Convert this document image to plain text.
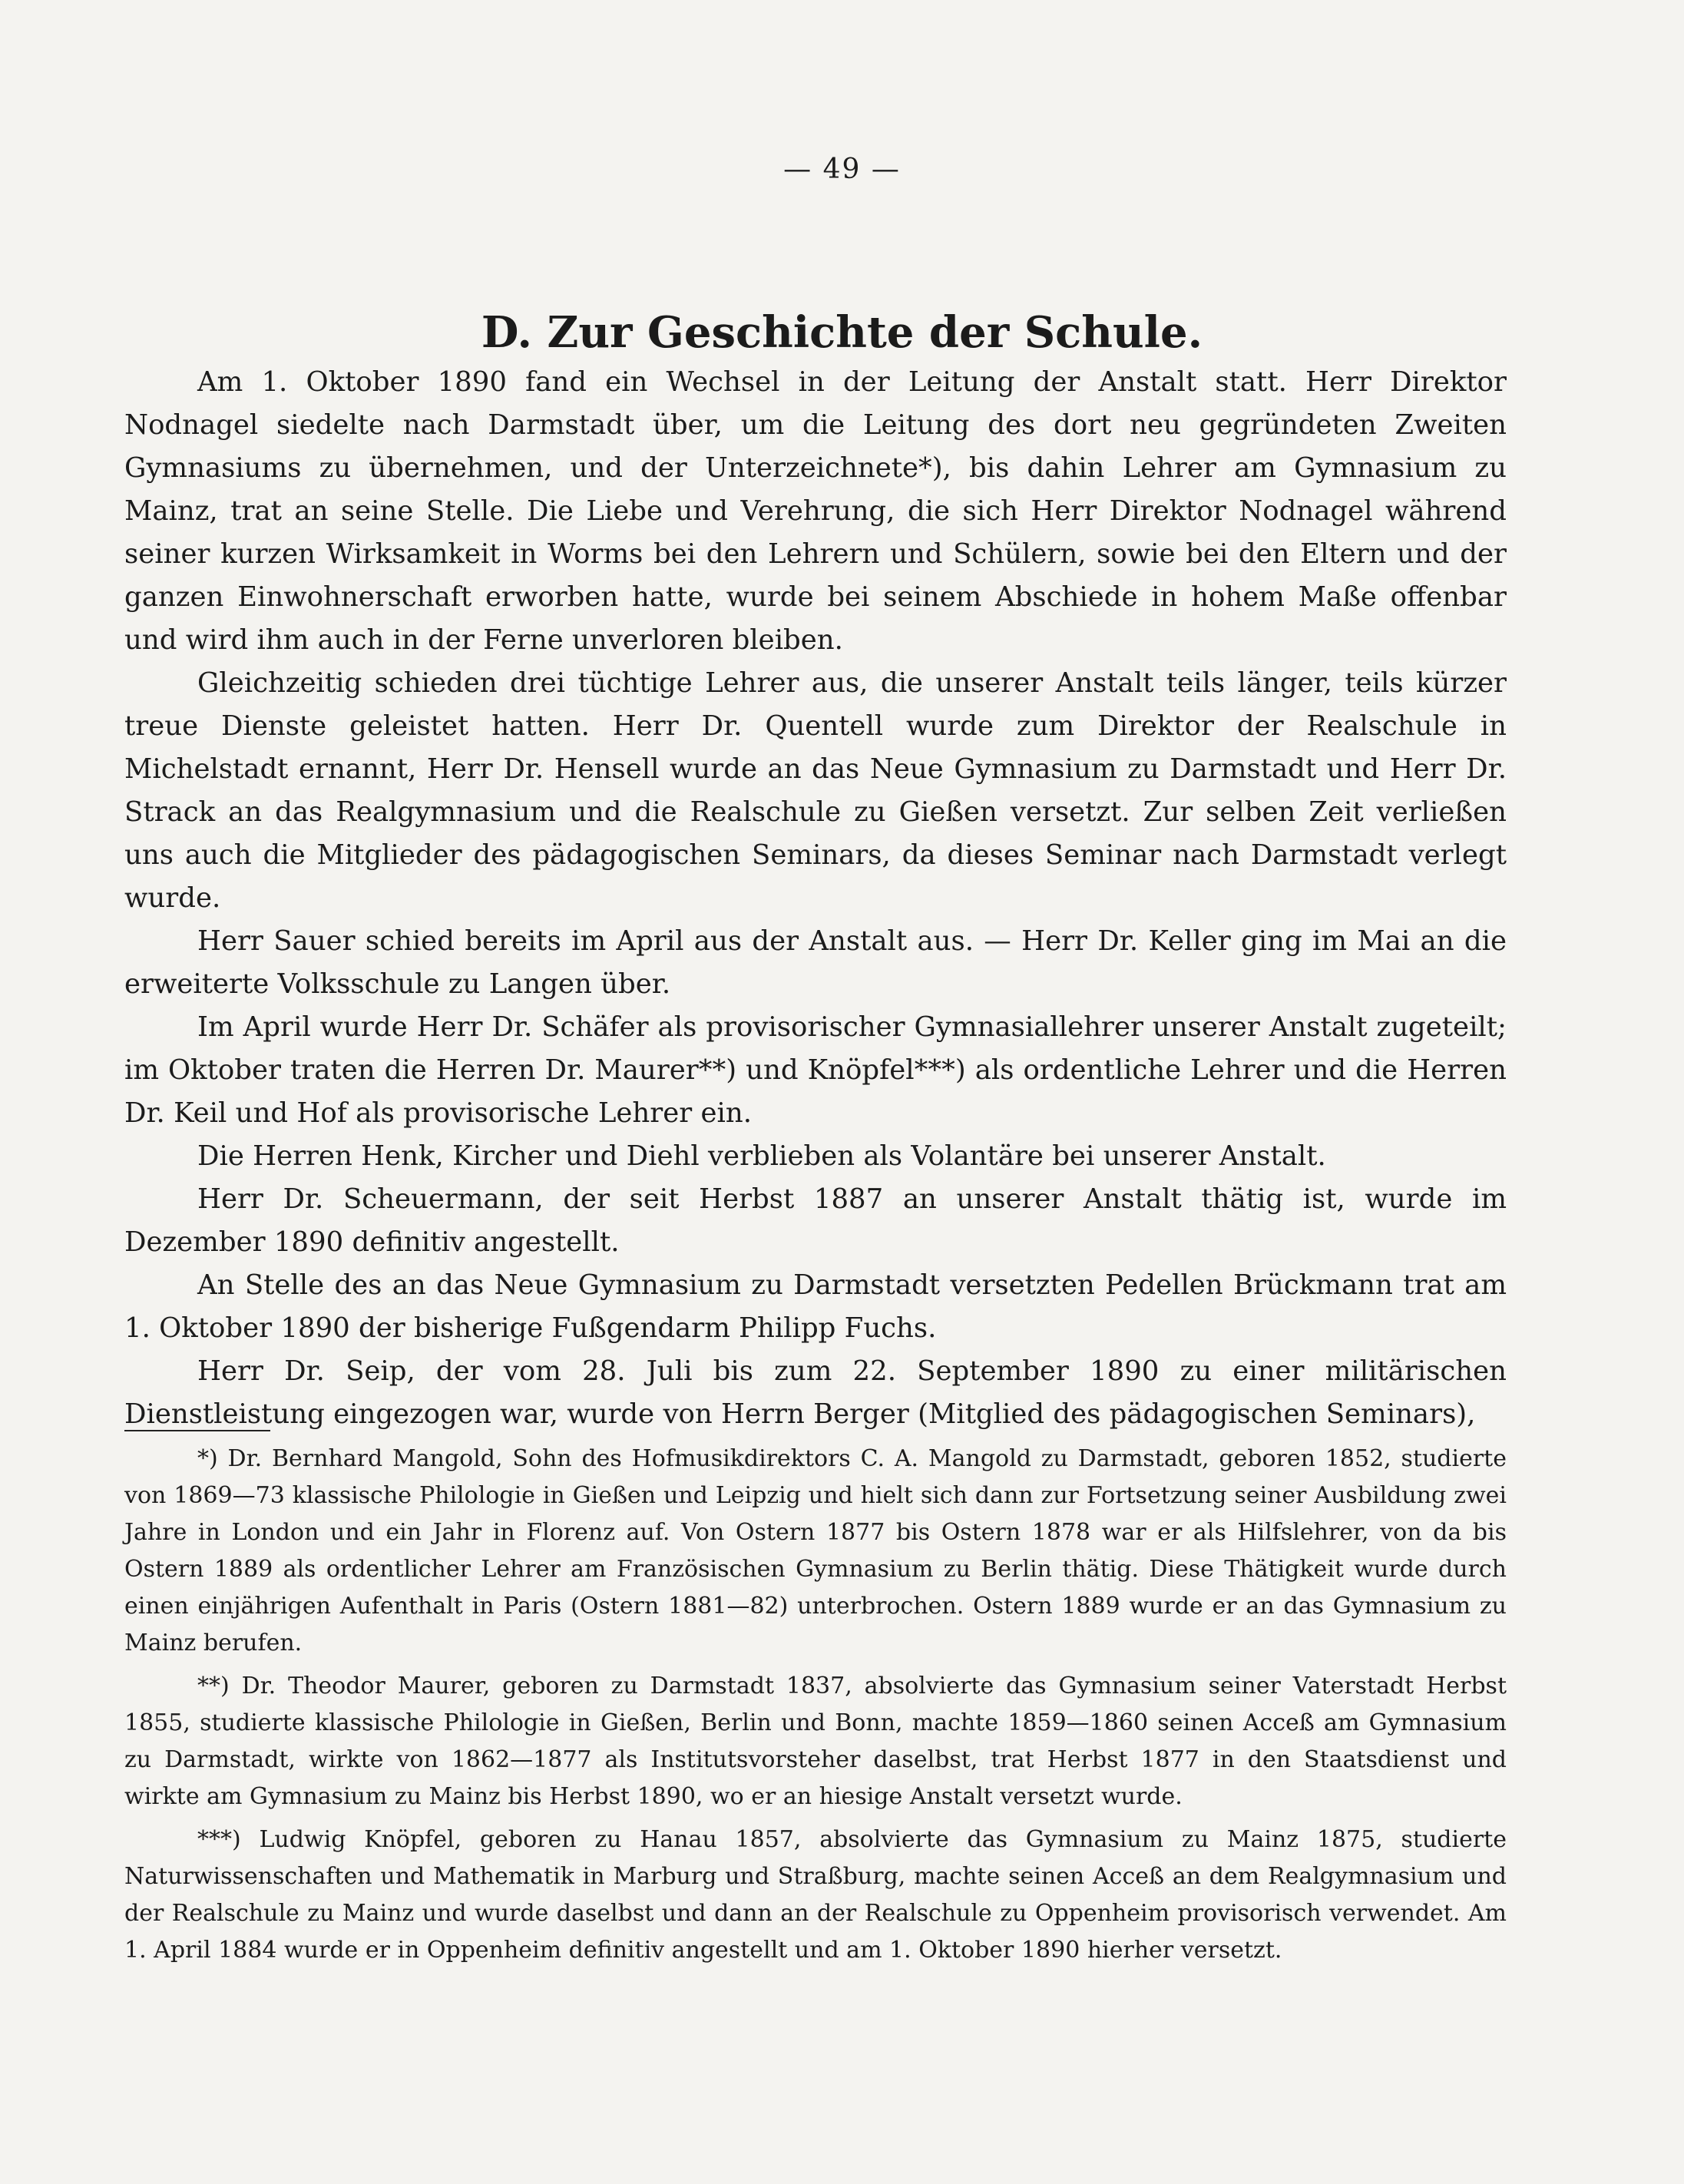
— 49 —
D. Zur Geschichte der Schule.

Am 1. Oktober 1890 fand ein Wechsel in der Leitung der Anstalt statt. Herr Direktor Nodnagel siedelte nach Darmstadt über, um die Leitung des dort neu gegründeten Zweiten Gymnasiums zu übernehmen, und der Unterzeichnete*), bis dahin Lehrer am Gymnasium zu Mainz, trat an seine Stelle. Die Liebe und Verehrung, die sich Herr Direktor Nodnagel während seiner kurzen Wirksamkeit in Worms bei den Lehrern und Schülern, sowie bei den Eltern und der ganzen Einwohnerschaft erworben hatte, wurde bei seinem Abschiede in hohem Maße offenbar und wird ihm auch in der Ferne unverloren bleiben.

Gleichzeitig schieden drei tüchtige Lehrer aus, die unserer Anstalt teils länger, teils kürzer treue Dienste geleistet hatten. Herr Dr. Quentell wurde zum Direktor der Realschule in Michelstadt ernannt, Herr Dr. Hensell wurde an das Neue Gymnasium zu Darmstadt und Herr Dr. Strack an das Realgymnasium und die Realschule zu Gießen versetzt. Zur selben Zeit verließen uns auch die Mitglieder des pädagogischen Seminars, da dieses Seminar nach Darmstadt verlegt wurde.

Herr Sauer schied bereits im April aus der Anstalt aus. — Herr Dr. Keller ging im Mai an die erweiterte Volksschule zu Langen über.

Im April wurde Herr Dr. Schäfer als provisorischer Gymnasiallehrer unserer Anstalt zugeteilt; im Oktober traten die Herren Dr. Maurer**) und Knöpfel***) als ordentliche Lehrer und die Herren Dr. Keil und Hof als provisorische Lehrer ein.

Die Herren Henk, Kircher und Diehl verblieben als Volantäre bei unserer Anstalt.

Herr Dr. Scheuermann, der seit Herbst 1887 an unserer Anstalt thätig ist, wurde im Dezember 1890 definitiv angestellt.

An Stelle des an das Neue Gymnasium zu Darmstadt versetzten Pedellen Brückmann trat am 1. Oktober 1890 der bisherige Fußgendarm Philipp Fuchs.

Herr Dr. Seip, der vom 28. Juli bis zum 22. September 1890 zu einer militärischen Dienstleistung eingezogen war, wurde von Herrn Berger (Mitglied des pädagogischen Seminars),

*) Dr. Bernhard Mangold, Sohn des Hofmusikdirektors C. A. Mangold zu Darmstadt, geboren 1852, studierte von 1869—73 klassische Philologie in Gießen und Leipzig und hielt sich dann zur Fortsetzung seiner Ausbildung zwei Jahre in London und ein Jahr in Florenz auf. Von Ostern 1877 bis Ostern 1878 war er als Hilfslehrer, von da bis Ostern 1889 als ordentlicher Lehrer am Französischen Gymnasium zu Berlin thätig. Diese Thätigkeit wurde durch einen einjährigen Aufenthalt in Paris (Ostern 1881—82) unterbrochen. Ostern 1889 wurde er an das Gymnasium zu Mainz berufen.

**) Dr. Theodor Maurer, geboren zu Darmstadt 1837, absolvierte das Gymnasium seiner Vaterstadt Herbst 1855, studierte klassische Philologie in Gießen, Berlin und Bonn, machte 1859—1860 seinen Acceß am Gymnasium zu Darmstadt, wirkte von 1862—1877 als Institutsvorsteher daselbst, trat Herbst 1877 in den Staatsdienst und wirkte am Gymnasium zu Mainz bis Herbst 1890, wo er an hiesige Anstalt versetzt wurde.

***) Ludwig Knöpfel, geboren zu Hanau 1857, absolvierte das Gymnasium zu Mainz 1875, studierte Naturwissenschaften und Mathematik in Marburg und Straßburg, machte seinen Accеß an dem Realgymnasium und der Realschule zu Mainz und wurde daselbst und dann an der Realschule zu Oppenheim provisorisch verwendet. Am 1. April 1884 wurde er in Oppenheim definitiv angestellt und am 1. Oktober 1890 hierher versetzt.
